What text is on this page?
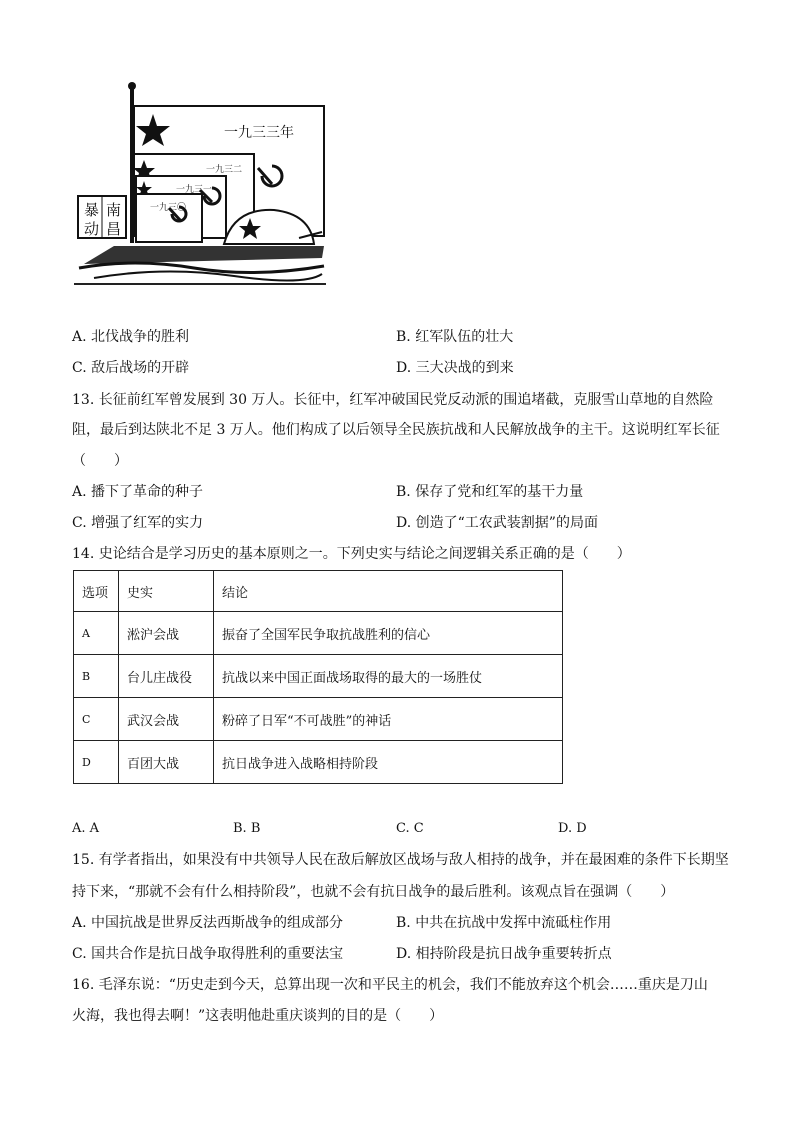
一九三三年
一九三二
一九三一
一九三〇
暴 南
动 昌
A. 北伐战争的胜利	B. 红军队伍的壮大
C. 敌后战场的开辟	D. 三大决战的到来
13. 长征前红军曾发展到 30 万人。长征中，红军冲破国民党反动派的围追堵截，克服雪山草地的自然险
阻，最后到达陕北不足 3 万人。他们构成了以后领导全民族抗战和人民解放战争的主干。这说明红军长征
（　　）
A. 播下了革命的种子	B. 保存了党和红军的基干力量
C. 增强了红军的实力	D. 创造了“工农武装割据”的局面
14. 史论结合是学习历史的基本原则之一。下列史实与结论之间逻辑关系正确的是（　　）
选项	史实	结论
A	淞沪会战	振奋了全国军民争取抗战胜利的信心
B	台儿庄战役	抗战以来中国正面战场取得的最大的一场胜仗
C	武汉会战	粉碎了日军“不可战胜”的神话
D	百团大战	抗日战争进入战略相持阶段
A. A	B. B	C. C	D. D
15. 有学者指出，如果没有中共领导人民在敌后解放区战场与敌人相持的战争，并在最困难的条件下长期坚
持下来，“那就不会有什么相持阶段”，也就不会有抗日战争的最后胜利。该观点旨在强调（　　）
A. 中国抗战是世界反法西斯战争的组成部分	B. 中共在抗战中发挥中流砥柱作用
C. 国共合作是抗日战争取得胜利的重要法宝	D. 相持阶段是抗日战争重要转折点
16. 毛泽东说：“历史走到今天，总算出现一次和平民主的机会，我们不能放弃这个机会……重庆是刀山
火海，我也得去啊！”这表明他赴重庆谈判的目的是（　　）
